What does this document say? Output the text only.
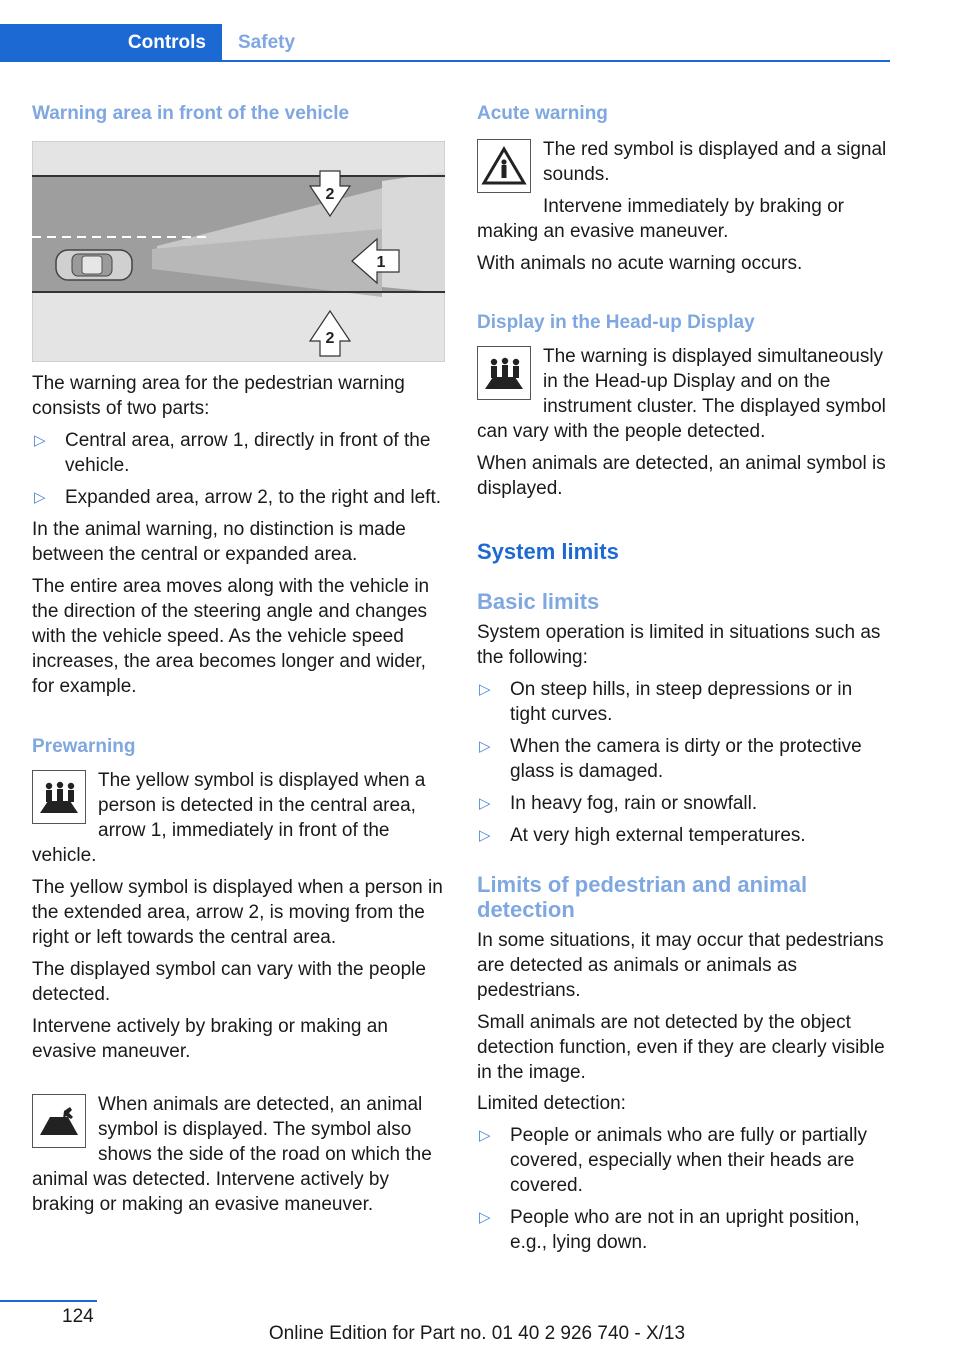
Controls	Safety
Warning area in front of the vehicle
2
1
2

The warning area for the pedestrian warning consists of two parts:

▷ Central area, arrow 1, directly in front of the vehicle.
▷ Expanded area, arrow 2, to the right and left.

In the animal warning, no distinction is made between the central or expanded area.

The entire area moves along with the vehicle in the direction of the steering angle and changes with the vehicle speed. As the vehicle speed increases, the area becomes longer and wider, for example.

Prewarning

The yellow symbol is displayed when a person is detected in the central area, arrow 1, immediately in front of the vehicle.

The yellow symbol is displayed when a person in the extended area, arrow 2, is moving from the right or left towards the central area.

The displayed symbol can vary with the people detected.

Intervene actively by braking or making an evasive maneuver.

When animals are detected, an animal symbol is displayed. The symbol also shows the side of the road on which the animal was detected. Intervene actively by braking or making an evasive maneuver.

Acute warning

The red symbol is displayed and a signal sounds.

Intervene immediately by braking or making an evasive maneuver.

With animals no acute warning occurs.

Display in the Head-up Display

The warning is displayed simultaneously in the Head-up Display and on the instrument cluster. The displayed symbol can vary with the people detected.

When animals are detected, an animal symbol is displayed.

System limits
Basic limits

System operation is limited in situations such as the following:

▷ On steep hills, in steep depressions or in tight curves.
▷ When the camera is dirty or the protective glass is damaged.
▷ In heavy fog, rain or snowfall.
▷ At very high external temperatures.
Limits of pedestrian and animal detection

In some situations, it may occur that pedestrians are detected as animals or animals as pedestrians.

Small animals are not detected by the object detection function, even if they are clearly visible in the image.

Limited detection:

▷ People or animals who are fully or partially covered, especially when their heads are covered.
▷ People who are not in an upright position, e.g., lying down.
124
Online Edition for Part no. 01 40 2 926 740 - X/13
